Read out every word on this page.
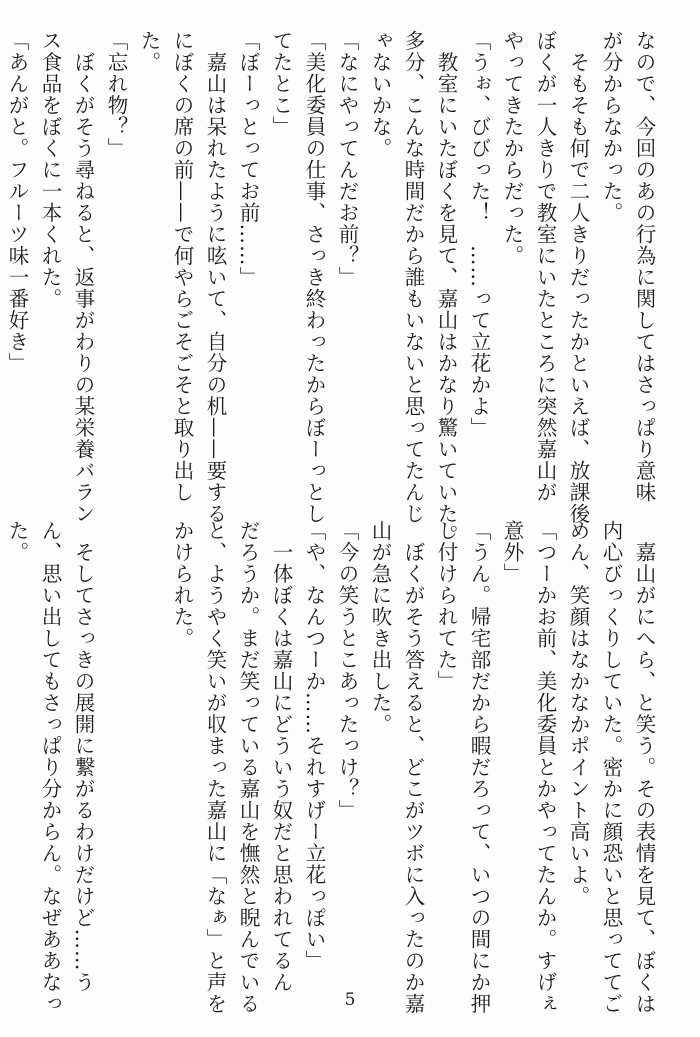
なので、今回のあの行為に関してはさっぱり意味
が分からなかった。
　そもそも何で二人きりだったかといえば、放課後
ぼくが一人きりで教室にいたところに突然嘉山が
やってきたからだった。
「うぉ、びびった！　……って立花かよ」
　教室にいたぼくを見て、嘉山はかなり驚いていた。
多分、こんな時間だから誰もいないと思ってたんじ
ゃないかな。
「なにやってんだお前？」
「美化委員の仕事、さっき終わったからぼーっとし
てたとこ」
「ぼーっとってお前……」
　嘉山は呆れたように呟いて、自分の机——要する
にぼくの席の前——で何やらごそごそと取り出し
た。
「忘れ物？」
　ぼくがそう尋ねると、返事がわりの某栄養バラン
ス食品をぼくに一本くれた。
「あんがと。フルーツ味一番好き」
　嘉山がにへら、と笑う。その表情を見て、ぼくは
内心びっくりしていた。密かに顔恐いと思っててご
めん、笑顔はなかなかポイント高いよ。
「つーかお前、美化委員とかやってたんか。すげぇ
意外」
「うん。帰宅部だから暇だろって、いつの間にか押
し付けられてた」
　ぼくがそう答えると、どこがツボに入ったのか嘉
山が急に吹き出した。
「今の笑うとこあったっけ？」
「や、なんつーか……それすげー立花っぽい」
　一体ぼくは嘉山にどういう奴だと思われてるん
だろうか。まだ笑っている嘉山を憮然と睨んでいる
と、ようやく笑いが収まった嘉山に「なぁ」と声を
かけられた。

　そしてさっきの展開に繋がるわけだけど……う
ん、思い出してもさっぱり分からん。なぜああなっ
た。
5
